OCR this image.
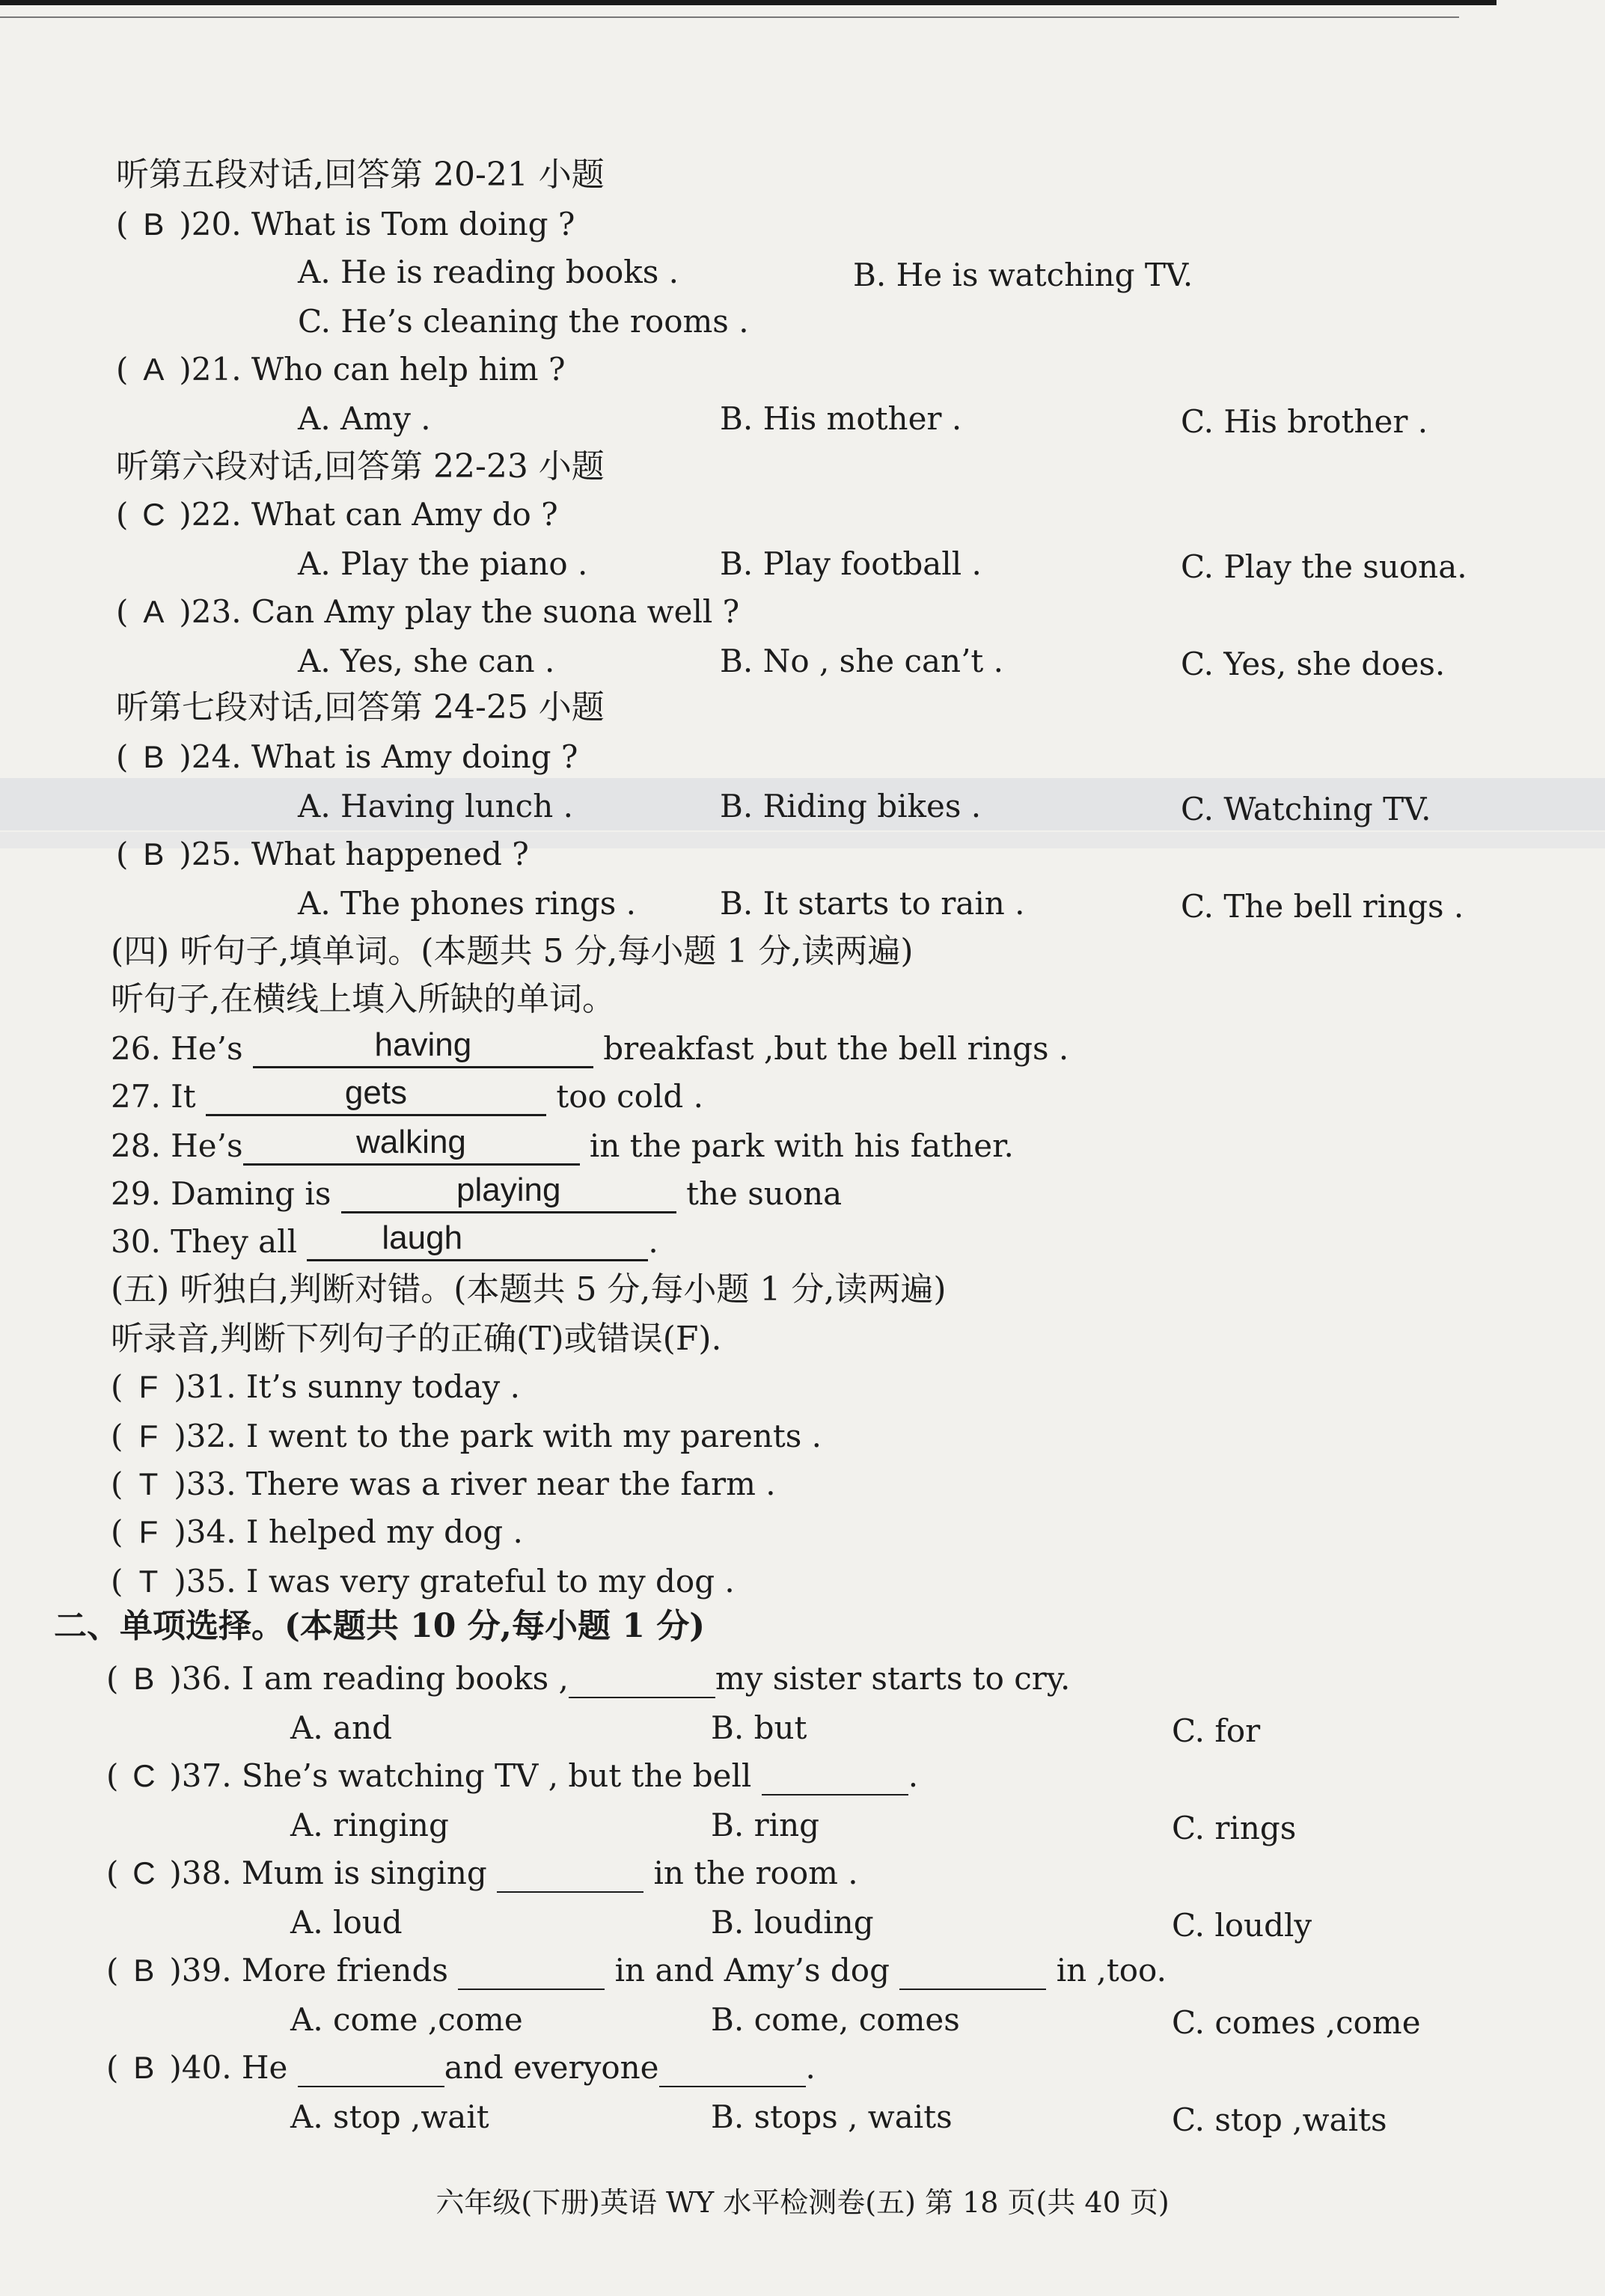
听第五段对话,回答第 20-21 小题
( B )20. What is Tom doing ?
A. He is reading books .	B. He is watching TV.
C. He’s cleaning the rooms .
( A )21. Who can help him ?
A. Amy .	B. His mother .	C. His brother .
听第六段对话,回答第 22-23 小题
( C )22. What can Amy do ?
A. Play the piano .	B. Play football .	C. Play the suona.
( A )23. Can Amy play the suona well ?
A. Yes, she can .	B. No , she can’t .	C. Yes, she does.
听第七段对话,回答第 24-25 小题
( B )24. What is Amy doing ?
A. Having lunch .	B. Riding bikes .	C. Watching TV.
( B )25. What happened ?
A. The phones rings .	B. It starts to rain .	C. The bell rings .
(四) 听句子,填单词。(本题共 5 分,每小题 1 分,读两遍)
听句子,在横线上填入所缺的单词。
26. He’s	having	breakfast ,but the bell rings .
27. It	gets	too cold .
28. He’s	walking	in the park with his father.
29. Daming is	playing	the suona
30. They all	laugh	.
(五) 听独白,判断对错。(本题共 5 分,每小题 1 分,读两遍)
听录音,判断下列句子的正确(T)或错误(F).
( F )31. It’s sunny today .
( F )32. I went to the park with my parents .
( T )33. There was a river near the farm .
( F )34. I helped my dog .
( T )35. I was very grateful to my dog .
二、单项选择。(本题共 10 分,每小题 1 分)
( B )36. I am reading books ,	my sister starts to cry.
A. and	B. but	C. for
( C )37. She’s watching TV , but the bell	.
A. ringing	B. ring	C. rings
( C )38. Mum is singing	in the room .
A. loud	B. louding	C. loudly
( B )39. More friends	in and Amy’s dog	in ,too.
A. come ,come	B. come, comes	C. comes ,come
( B )40. He	and everyone	.
A. stop ,wait	B. stops , waits	C. stop ,waits
六年级(下册)英语 WY 水平检测卷(五) 第 18 页(共 40 页)
